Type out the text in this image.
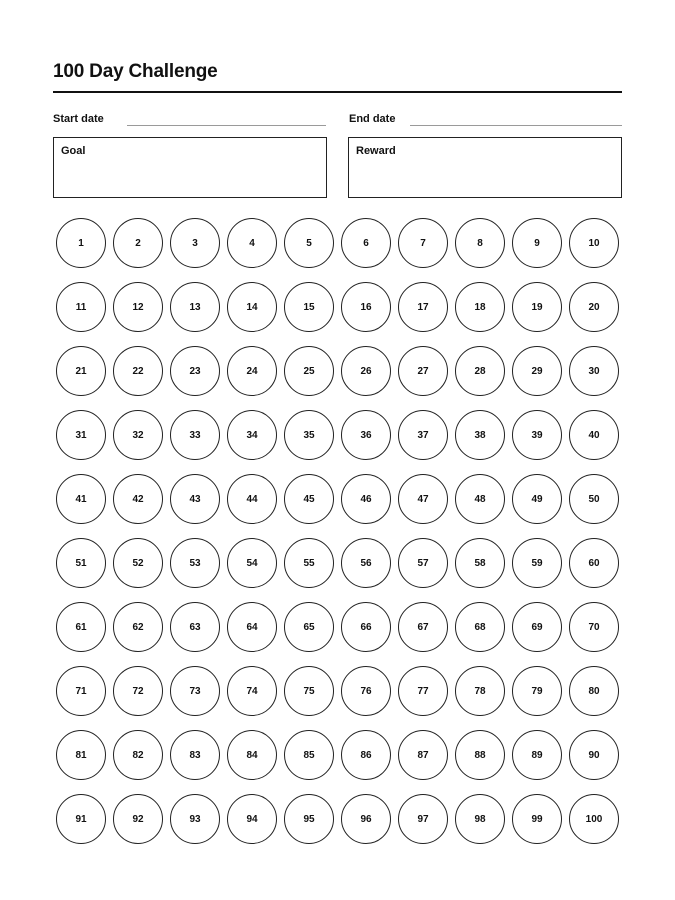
100 Day Challenge
Start date	End date
Goal	Reward
1	2	3	4	5	6	7	8	9	10
11	12	13	14	15	16	17	18	19	20
21	22	23	24	25	26	27	28	29	30
31	32	33	34	35	36	37	38	39	40
41	42	43	44	45	46	47	48	49	50
51	52	53	54	55	56	57	58	59	60
61	62	63	64	65	66	67	68	69	70
71	72	73	74	75	76	77	78	79	80
81	82	83	84	85	86	87	88	89	90
91	92	93	94	95	96	97	98	99	100
